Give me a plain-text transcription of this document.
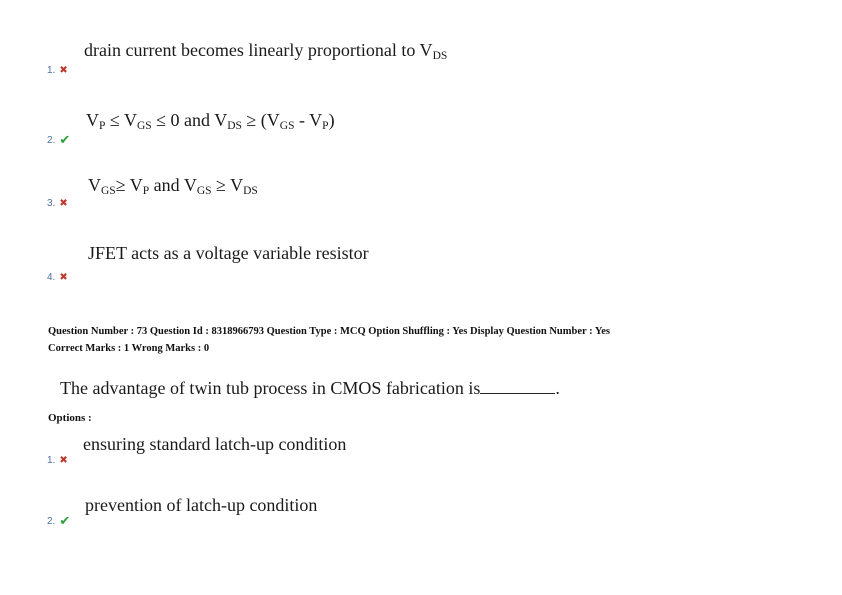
drain current becomes linearly proportional to $V_{DS}$
1. ✖
$V_P \le V_{GS} \le 0$ and $V_{DS} \ge (V_{GS} - V_P)$
2. ✔
$V_{GS}\ge V_P$ and $V_{GS} \ge V_{DS}$
3. ✖
JFET acts as a voltage variable resistor
4. ✖
Question Number : 73 Question Id : 8318966793 Question Type : MCQ Option Shuffling : Yes Display Question Number : Yes
Correct Marks : 1 Wrong Marks : 0
The advantage of twin tub process in CMOS fabrication is	.
Options :
ensuring standard latch-up condition
1. ✖
prevention of latch-up condition
2. ✔
